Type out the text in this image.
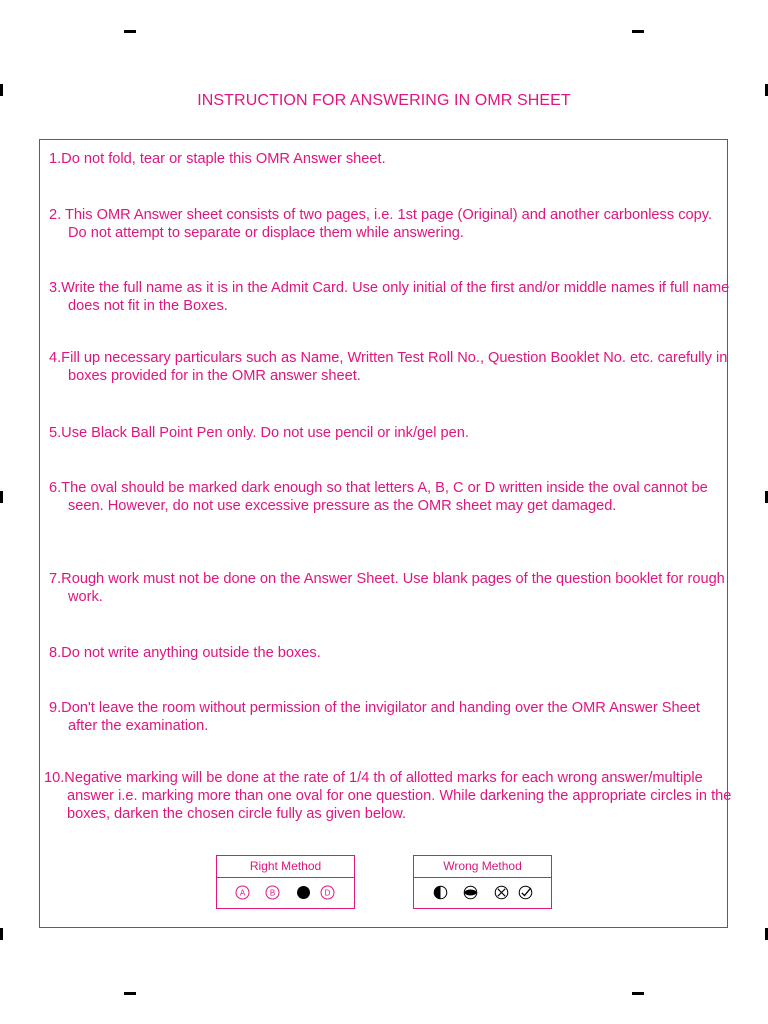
INSTRUCTION FOR ANSWERING IN OMR SHEET
1.Do not fold, tear or staple this OMR Answer sheet.
2. This OMR Answer sheet consists of two pages, i.e. 1st page (Original) and another carbonless copy. Do not attempt to separate or displace them while answering.
3.Write the full name as it is in the Admit Card. Use only initial of the first and/or middle names if full name does not fit in the Boxes.
4.Fill up necessary particulars such as Name, Written Test Roll No., Question Booklet No. etc. carefully in boxes provided for in the OMR answer sheet.
5.Use Black Ball Point Pen only. Do not use pencil or ink/gel pen.
6.The oval should be marked dark enough so that letters A, B, C or D written inside the oval cannot be seen. However, do not use excessive pressure as the OMR sheet may get damaged.
7.Rough work must not be done on the Answer Sheet. Use blank pages of the question booklet for rough work.
8.Do not write anything outside the boxes.
9.Don't leave the room without permission of the invigilator and handing over the OMR Answer Sheet after the examination.
10.Negative marking will be done at the rate of 1/4 th of allotted marks for each wrong answer/multiple answer i.e. marking more than one oval for one question. While darkening the appropriate circles in the boxes, darken the chosen circle fully as given below.
Right Method
A	B	D
Wrong Method
